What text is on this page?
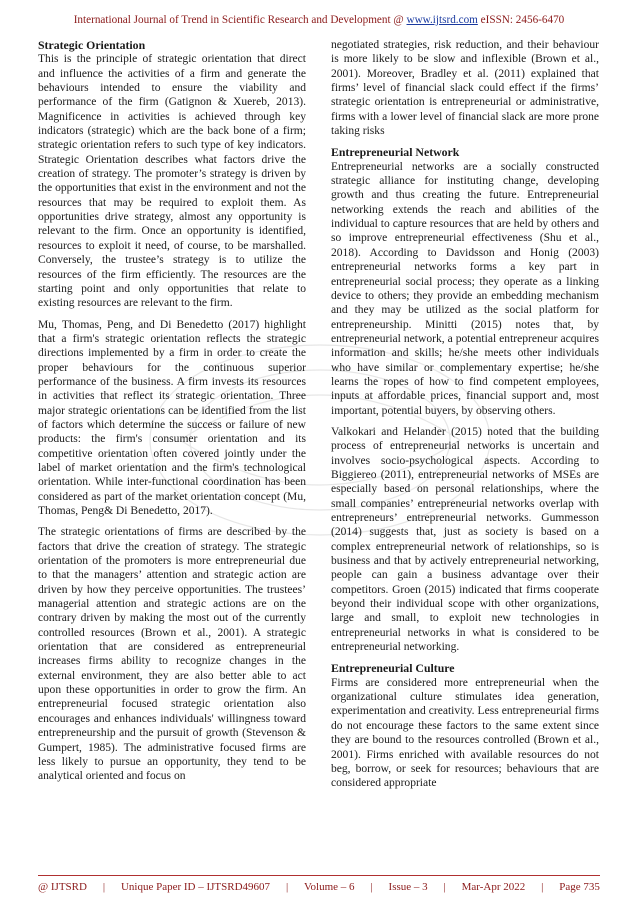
International Journal of Trend in Scientific Research and Development @ www.ijtsrd.com eISSN: 2456-6470
Strategic Orientation

This is the principle of strategic orientation that direct and influence the activities of a firm and generate the behaviours intended to ensure the viability and performance of the firm (Gatignon & Xuereb, 2013). Magnificence in activities is achieved through key indicators (strategic) which are the back bone of a firm; strategic orientation refers to such type of key indicators. Strategic Orientation describes what factors drive the creation of strategy. The promoter’s strategy is driven by the opportunities that exist in the environment and not the resources that may be required to exploit them. As opportunities drive strategy, almost any opportunity is relevant to the firm. Once an opportunity is identified, resources to exploit it need, of course, to be marshalled. Conversely, the trustee’s strategy is to utilize the resources of the firm efficiently. The resources are the starting point and only opportunities that relate to existing resources are relevant to the firm.

Mu, Thomas, Peng, and Di Benedetto (2017) highlight that a firm's strategic orientation reflects the strategic directions implemented by a firm in order to create the proper behaviours for the continuous superior performance of the business. A firm invests its resources in activities that reflect its strategic orientation. Three major strategic orientations can be identified from the list of factors which determine the success or failure of new products: the firm's consumer orientation and its competitive orientation often covered jointly under the label of market orientation and the firm's technological orientation. While inter-functional coordination has been considered as part of the market orientation concept (Mu, Thomas, Peng& Di Benedetto, 2017).

The strategic orientations of firms are described by the factors that drive the creation of strategy. The strategic orientation of the promoters is more entrepreneurial due to that the managers’ attention and strategic action are driven by how they perceive opportunities. The trustees’ managerial attention and strategic actions are on the contrary driven by making the most out of the currently controlled resources (Brown et al., 2001). A strategic orientation that are considered as entrepreneurial increases firms ability to recognize changes in the external environment, they are also better able to act upon these opportunities in order to grow the firm. An entrepreneurial focused strategic orientation also encourages and enhances individuals' willingness toward entrepreneurship and the pursuit of growth (Stevenson & Gumpert, 1985). The administrative focused firms are less likely to pursue an opportunity, they tend to be analytical oriented and focus on

negotiated strategies, risk reduction, and their behaviour is more likely to be slow and inflexible (Brown et al., 2001). Moreover, Bradley et al. (2011) explained that firms’ level of financial slack could effect if the firms’ strategic orientation is entrepreneurial or administrative, firms with a lower level of financial slack are more prone taking risks

Entrepreneurial Network

Entrepreneurial networks are a socially constructed strategic alliance for instituting change, developing growth and thus creating the future. Entrepreneurial networking extends the reach and abilities of the individual to capture resources that are held by others and so improve entrepreneurial effectiveness (Shu et al., 2018). According to Davidsson and Honig (2003) entrepreneurial networks forms a key part in entrepreneurial social process; they operate as a linking device to others; they provide an embedding mechanism and they may be utilized as the social platform for entrepreneurship. Minitti (2015) notes that, by entrepreneurial network, a potential entrepreneur acquires information and skills; he/she meets other individuals who have similar or complementary expertise; he/she learns the ropes of how to find competent employees, inputs at affordable prices, financial support and, most important, potential buyers, by observing others.

Valkokari and Helander (2015) noted that the building process of entrepreneurial networks is uncertain and involves socio-psychological aspects. According to Biggiereo (2011), entrepreneurial networks of MSEs are especially based on personal relationships, where the small companies’ entrepreneurial networks overlap with entrepreneurs’ entrepreneurial networks. Gummesson (2014) suggests that, just as society is based on a complex entrepreneurial network of relationships, so is business and that by actively entrepreneurial networking, people can gain a business advantage over their competitors. Groen (2015) indicated that firms cooperate beyond their individual scope with other organizations, large and small, to exploit new technologies in entrepreneurial networks in what is considered to be entrepreneurial networking.

Entrepreneurial Culture

Firms are considered more entrepreneurial when the organizational culture stimulates idea generation, experimentation and creativity. Less entrepreneurial firms do not encourage these factors to the same extent since they are bound to the resources controlled (Brown et al., 2001). Firms enriched with available resources do not beg, borrow, or seek for resources; behaviours that are considered appropriate

@ IJTSRD | Unique Paper ID – IJTSRD49607 | Volume – 6 | Issue – 3 | Mar-Apr 2022 | Page 735
